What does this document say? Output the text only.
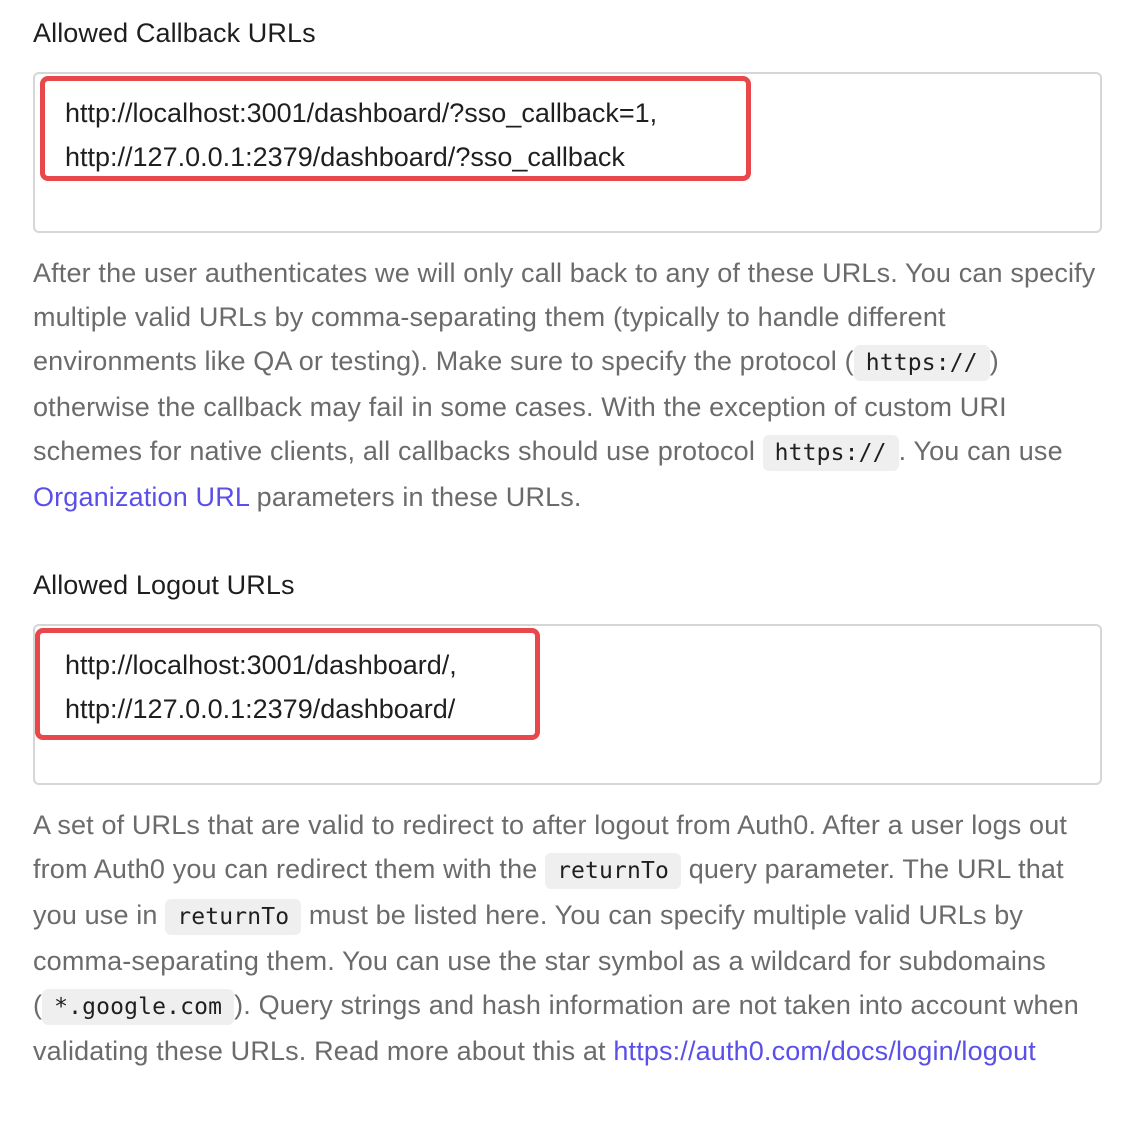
Allowed Callback URLs
http://localhost:3001/dashboard/?sso_callback=1,
http://127.0.0.1:2379/dashboard/?sso_callback

After the user authenticates we will only call back to any of these URLs. You can specify multiple valid URLs by comma-separating them (typically to handle different environments like QA or testing). Make sure to specify the protocol ( https:// ) otherwise the callback may fail in some cases. With the exception of custom URI schemes for native clients, all callbacks should use protocol https:// . You can use Organization URL parameters in these URLs.

Allowed Logout URLs
http://localhost:3001/dashboard/,
http://127.0.0.1:2379/dashboard/

A set of URLs that are valid to redirect to after logout from Auth0. After a user logs out from Auth0 you can redirect them with the returnTo query parameter. The URL that you use in returnTo must be listed here. You can specify multiple valid URLs by comma-separating them. You can use the star symbol as a wildcard for subdomains ( *.google.com ). Query strings and hash information are not taken into account when validating these URLs. Read more about this at https://auth0.com/docs/login/logout
